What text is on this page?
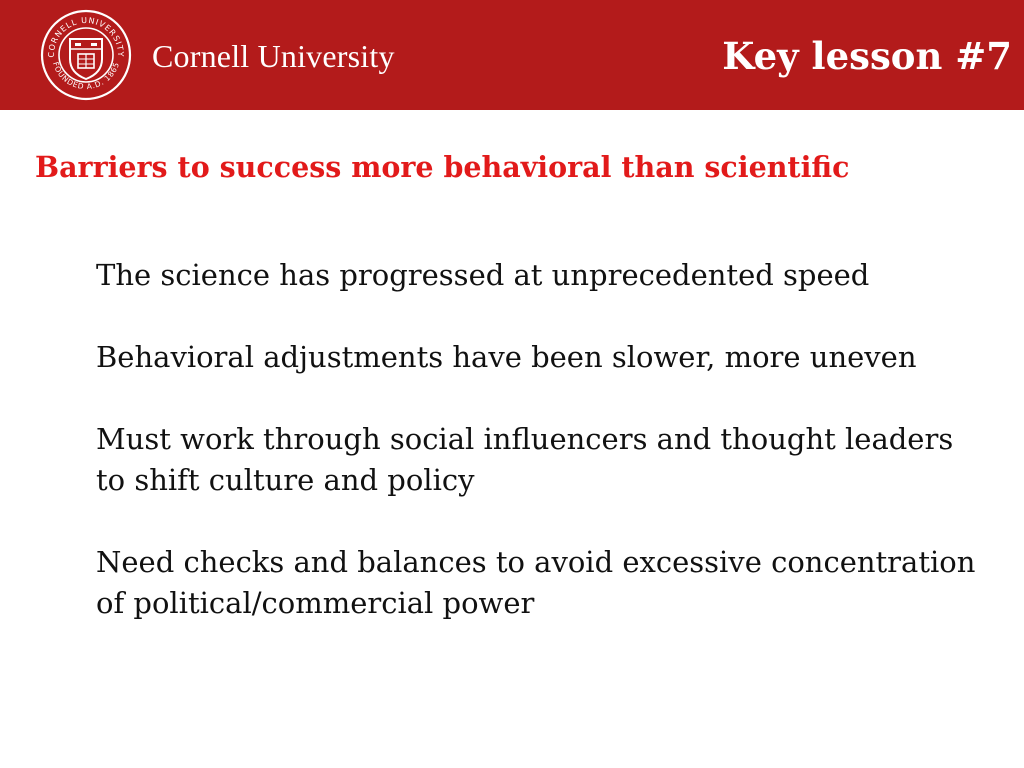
CORNELL UNIVERSITY
FOUNDED A.D. 1865 Cornell University	Key lesson #7
Barriers to success more behavioral than scientific
The science has progressed at unprecedented speed
Behavioral adjustments have been slower, more uneven
Must work through social influencers and thought leaders to shift culture and policy
Need checks and balances to avoid excessive concentration of political/commercial power
